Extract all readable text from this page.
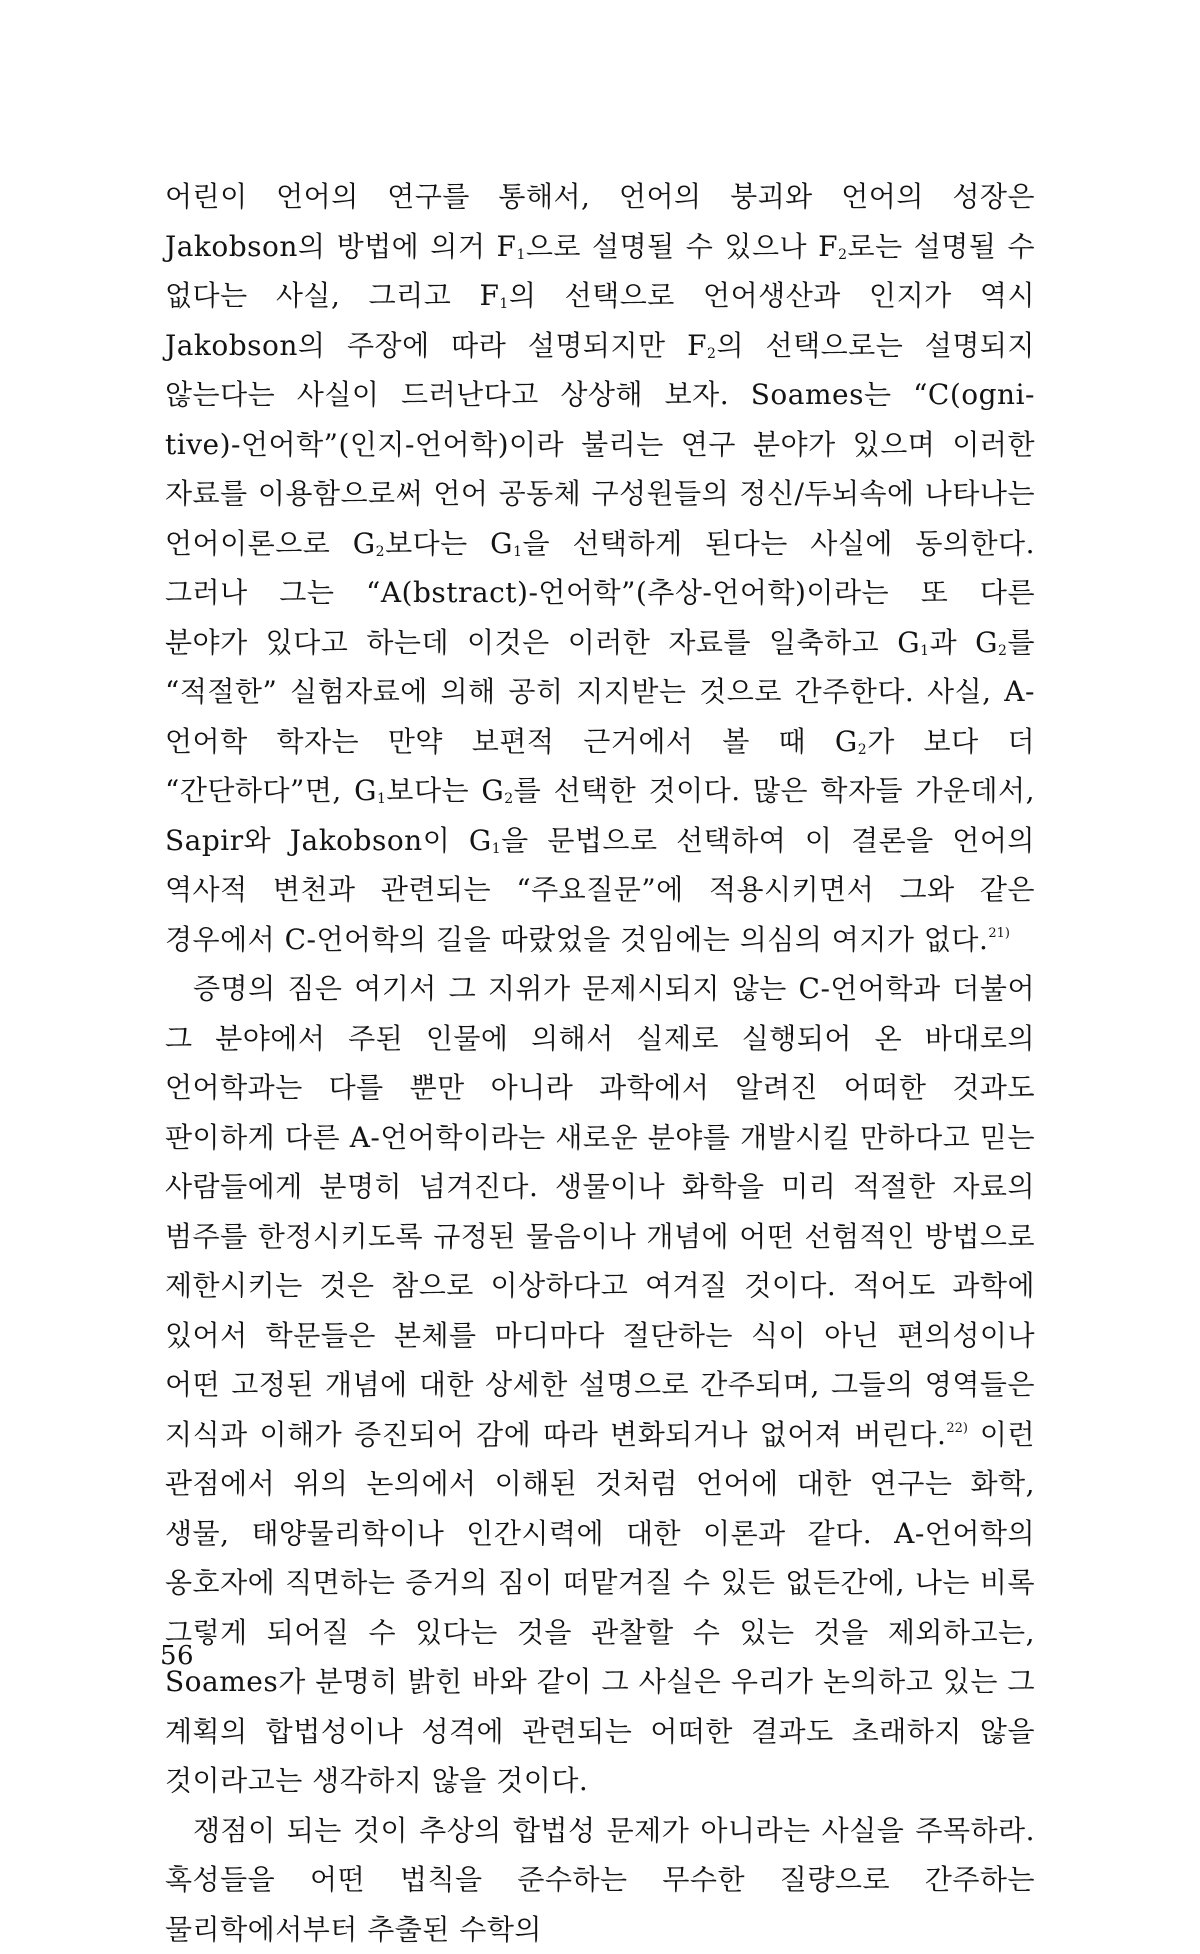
어린이 언어의 연구를 통해서, 언어의 붕괴와 언어의 성장은 Jakobson의 방법에 의거 $F_1$으로 설명될 수 있으나 $F_2$로는 설명될 수 없다는 사실, 그리고 $F_1$의 선택으로 언어생산과 인지가 역시 Jakobson의 주장에 따라 설명되지만 $F_2$의 선택으로는 설명되지 않는다는 사실이 드러난다고 상상해 보자. Soames는 “C(ogni-tive)-언어학”(인지-언어학)이라 불리는 연구 분야가 있으며 이러한 자료를 이용함으로써 언어 공동체 구성원들의 정신/두뇌속에 나타나는 언어이론으로 $G_2$보다는 $G_1$을 선택하게 된다는 사실에 동의한다. 그러나 그는 “A(bstract)-언어학”(추상-언어학)이라는 또 다른 분야가 있다고 하는데 이것은 이러한 자료를 일축하고 $G_1$과 $G_2$를 “적절한” 실험자료에 의해 공히 지지받는 것으로 간주한다. 사실, A-언어학 학자는 만약 보편적 근거에서 볼 때 $G_2$가 보다 더 “간단하다”면, $G_1$보다는 $G_2$를 선택한 것이다. 많은 학자들 가운데서, Sapir와 Jakobson이 $G_1$을 문법으로 선택하여 이 결론을 언어의 역사적 변천과 관련되는 “주요질문”에 적용시키면서 그와 같은 경우에서 C-언어학의 길을 따랐었을 것임에는 의심의 여지가 없다.$^{21)}$

증명의 짐은 여기서 그 지위가 문제시되지 않는 C-언어학과 더불어 그 분야에서 주된 인물에 의해서 실제로 실행되어 온 바대로의 언어학과는 다를 뿐만 아니라 과학에서 알려진 어떠한 것과도 판이하게 다른 A-언어학이라는 새로운 분야를 개발시킬 만하다고 믿는 사람들에게 분명히 넘겨진다. 생물이나 화학을 미리 적절한 자료의 범주를 한정시키도록 규정된 물음이나 개념에 어떤 선험적인 방법으로 제한시키는 것은 참으로 이상하다고 여겨질 것이다. 적어도 과학에 있어서 학문들은 본체를 마디마다 절단하는 식이 아닌 편의성이나 어떤 고정된 개념에 대한 상세한 설명으로 간주되며, 그들의 영역들은 지식과 이해가 증진되어 감에 따라 변화되거나 없어져 버린다.$^{22)}$ 이런 관점에서 위의 논의에서 이해된 것처럼 언어에 대한 연구는 화학, 생물, 태양물리학이나 인간시력에 대한 이론과 같다. A-언어학의 옹호자에 직면하는 증거의 짐이 떠맡겨질 수 있든 없든간에, 나는 비록 그렇게 되어질 수 있다는 것을 관찰할 수 있는 것을 제외하고는, Soames가 분명히 밝힌 바와 같이 그 사실은 우리가 논의하고 있는 그 계획의 합법성이나 성격에 관련되는 어떠한 결과도 초래하지 않을 것이라고는 생각하지 않을 것이다.

쟁점이 되는 것이 추상의 합법성 문제가 아니라는 사실을 주목하라. 혹성들을 어떤 법칙을 준수하는 무수한 질량으로 간주하는 물리학에서부터 추출된 수학의

56
